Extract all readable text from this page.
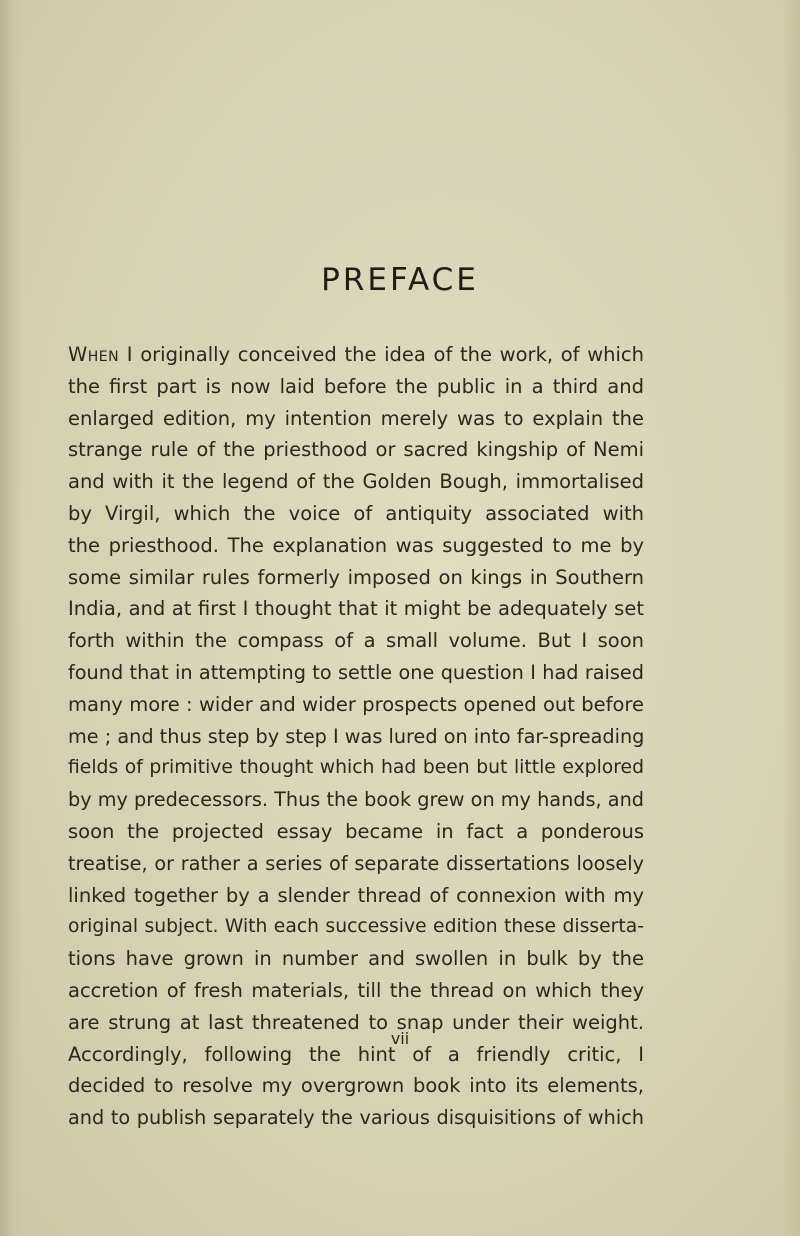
PREFACE
When I originally conceived the idea of the work, of which
the first part is now laid before the public in a third and
enlarged edition, my intention merely was to explain the
strange rule of the priesthood or sacred kingship of Nemi
and with it the legend of the Golden Bough, immortalised
by Virgil, which the voice of antiquity associated with
the priesthood. The explanation was suggested to me by
some similar rules formerly imposed on kings in Southern
India, and at first I thought that it might be adequately set
forth within the compass of a small volume. But I soon
found that in attempting to settle one question I had raised
many more : wider and wider prospects opened out before
me ; and thus step by step I was lured on into far-spreading
fields of primitive thought which had been but little explored
by my predecessors. Thus the book grew on my hands, and
soon the projected essay became in fact a ponderous
treatise, or rather a series of separate dissertations loosely
linked together by a slender thread of connexion with my
original subject. With each successive edition these disserta-
tions have grown in number and swollen in bulk by the
accretion of fresh materials, till the thread on which they
are strung at last threatened to snap under their weight.
Accordingly, following the hint of a friendly critic, I
decided to resolve my overgrown book into its elements,
and to publish separately the various disquisitions of which
vii
